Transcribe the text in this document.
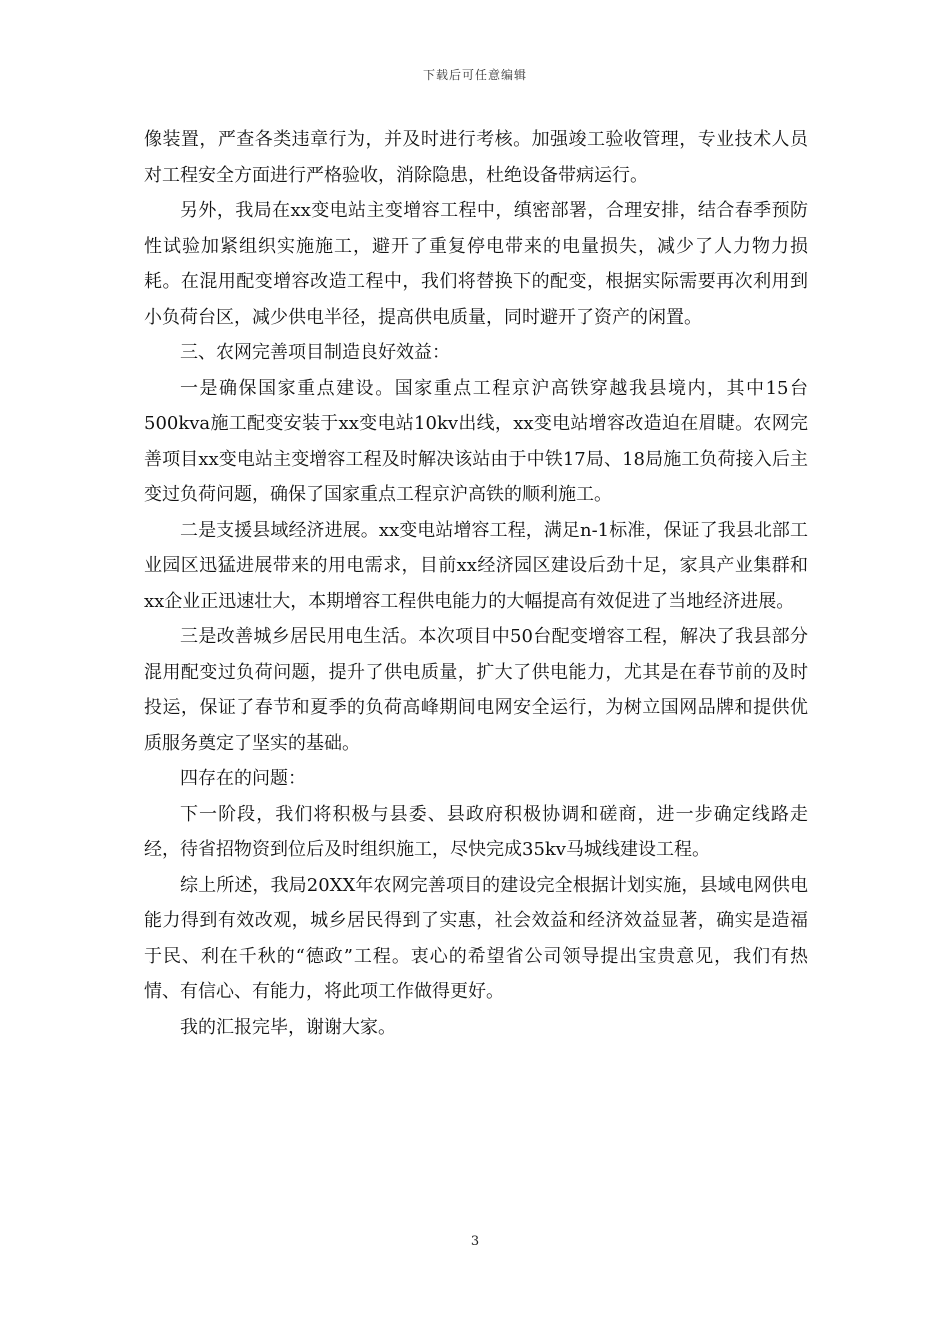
下载后可任意编辑

像装置，严查各类违章行为，并及时进行考核。加强竣工验收管理，专业技术人员对工程安全方面进行严格验收，消除隐患，杜绝设备带病运行。

另外，我局在xx变电站主变增容工程中，缜密部署，合理安排，结合春季预防性试验加紧组织实施施工，避开了重复停电带来的电量损失，减少了人力物力损耗。在混用配变增容改造工程中，我们将替换下的配变，根据实际需要再次利用到小负荷台区，减少供电半径，提高供电质量，同时避开了资产的闲置。

三、农网完善项目制造良好效益：

一是确保国家重点建设。国家重点工程京沪高铁穿越我县境内，其中15台500kva施工配变安装于xx变电站10kv出线，xx变电站增容改造迫在眉睫。农网完善项目xx变电站主变增容工程及时解决该站由于中铁17局、18局施工负荷接入后主变过负荷问题，确保了国家重点工程京沪高铁的顺利施工。

二是支援县域经济进展。xx变电站增容工程，满足n-1标准，保证了我县北部工业园区迅猛进展带来的用电需求，目前xx经济园区建设后劲十足，家具产业集群和xx企业正迅速壮大，本期增容工程供电能力的大幅提高有效促进了当地经济进展。

三是改善城乡居民用电生活。本次项目中50台配变增容工程，解决了我县部分混用配变过负荷问题，提升了供电质量，扩大了供电能力，尤其是在春节前的及时投运，保证了春节和夏季的负荷高峰期间电网安全运行，为树立国网品牌和提供优质服务奠定了坚实的基础。

四存在的问题：

下一阶段，我们将积极与县委、县政府积极协调和磋商，进一步确定线路走经，待省招物资到位后及时组织施工，尽快完成35kv马城线建设工程。

综上所述，我局20XX年农网完善项目的建设完全根据计划实施，县域电网供电能力得到有效改观，城乡居民得到了实惠，社会效益和经济效益显著，确实是造福于民、利在千秋的“德政”工程。衷心的希望省公司领导提出宝贵意见，我们有热情、有信心、有能力，将此项工作做得更好。

我的汇报完毕，谢谢大家。

3
